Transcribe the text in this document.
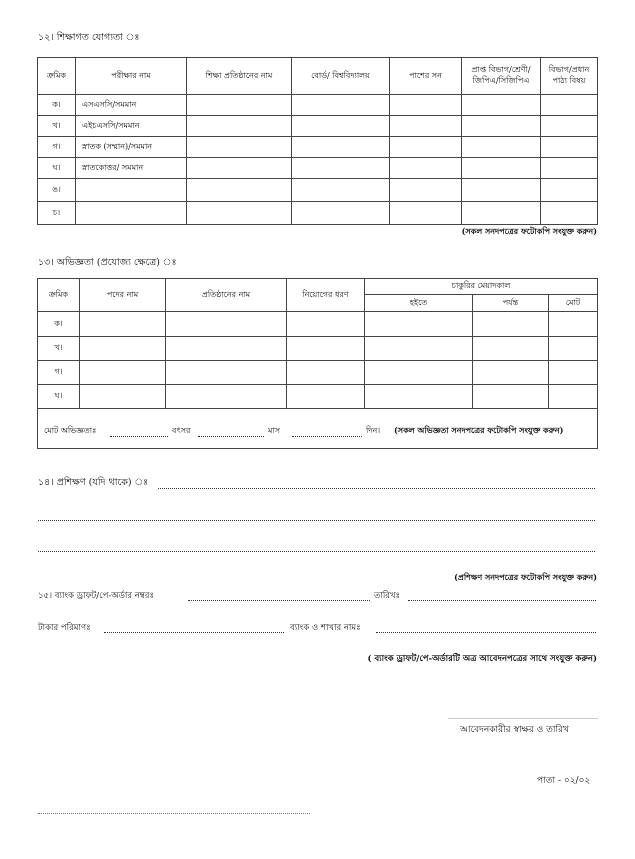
১২। শিক্ষাগত যোগ্যতা ঃ
ক্রমিক	পরীক্ষার নাম	শিক্ষা প্রতিষ্ঠানের নাম	বোর্ড/ বিশ্ববিদ্যালয়	পাশের সন	প্রাপ্ত বিভাগ/শ্রেণী/ জিপিএ/সিজিপিএ	বিভাগ/প্রধান পাঠ্য বিষয়
ক।	এসএসসি/সমমান					
খ।	এইচএসসি/সমমান					
গ।	স্নাতক (সম্মান)/সমমান					
ঘ।	স্নাতকোত্তর/ সমমান					
ঙ।						
চ।						
(সকল সনদপত্রের ফটোকপি সংযুক্ত করুন)
১৩। অভিজ্ঞতা (প্রযোজ্য ক্ষেত্রে) ঃ
ক্রমিক	পদের নাম	প্রতিষ্ঠানের নাম	নিয়োগের ধরণ	চাকুরির মেয়াদকাল		
				হইতে	পর্যন্ত	মোট
ক।						
খ।						
গ।						
ঘ।						

মোট অভিজ্ঞতাঃ বৎসর মাস দিন। (সকল অভিজ্ঞতা সনদপত্রের ফটোকপি সংযুক্ত করুন)						
১৪। প্রশিক্ষণ (যদি থাকে) ঃ
(প্রশিক্ষণ সনদপত্রের ফটোকপি সংযুক্ত করুন)
১৫। ব্যাংক ড্রাফট/পে-অর্ডার নম্বরঃ	তারিখঃ
টাকার পরিমাণঃ	ব্যাংক ও শাখার নামঃ
( ব্যাংক ড্রাফট/পে-অর্ডারটি অত্র আবেদনপত্রের সাথে সংযুক্ত করুন)
আবেদনকারীর স্বাক্ষর ও তারিখ
পাতা - ০২/০২
